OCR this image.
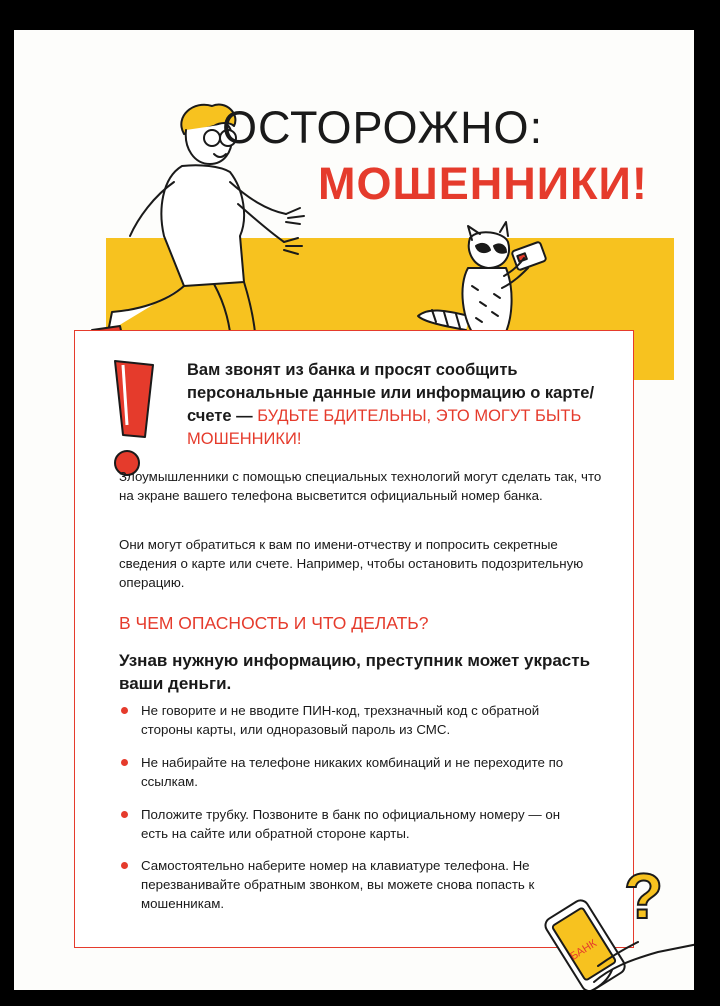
ОСТОРОЖНО:
МОШЕННИКИ!
Вам звонят из банка и просят сообщить персональные данные или информацию о карте/счете — БУДЬТЕ БДИТЕЛЬНЫ, ЭТО МОГУТ БЫТЬ МОШЕННИКИ!
Злоумышленники с помощью специальных технологий могут сделать так, что на экране вашего телефона высветится официальный номер банка.
Они могут обратиться к вам по имени-отчеству и попросить секретные сведения о карте или счете. Например, чтобы остановить подозрительную операцию.
В ЧЕМ ОПАСНОСТЬ И ЧТО ДЕЛАТЬ?
Узнав нужную информацию, преступник может украсть ваши деньги.
Не говорите и не вводите ПИН-код, трехзначный код с обратной стороны карты, или одноразовый пароль из СМС.
Не набирайте на телефоне никаких комбинаций и не переходите по ссылкам.
Положите трубку. Позвоните в банк по официальному номеру — он есть на сайте или обратной стороне карты.
Самостоятельно наберите номер на клавиатуре телефона. Не перезванивайте обратным звонком, вы можете снова попасть к мошенникам.	?
БАНК
